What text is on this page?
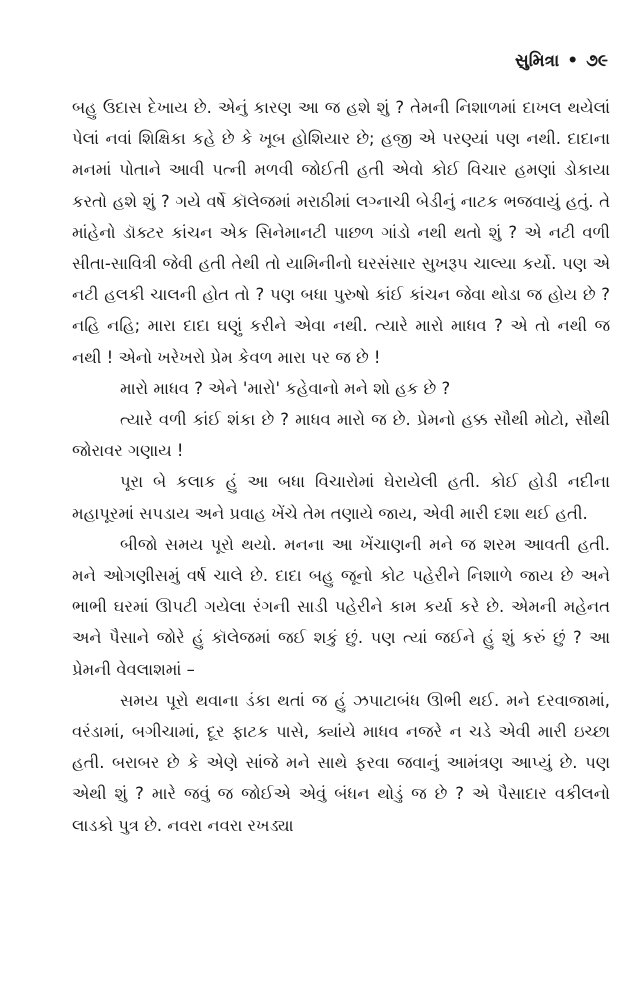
સુમિત્રા • ૭૯

બહુ ઉદાસ દેખાય છે. એનું કારણ આ જ હશે શું ? તેમની નિશાળમાં દાખલ થયેલાં પેલાં નવાં શિક્ષિકા કહે છે કે ખૂબ હોશિયાર છે; હજી એ પરણ્યાં પણ નથી. દાદાના મનમાં પોતાને આવી પત્ની મળવી જોઈતી હતી એવો કોઈ વિચાર હમણાં ડોકાયા કરતો હશે શું ? ગયે વર્ષે કૉલેજમાં મરાઠીમાં લગ્નાચી બેડીનું નાટક ભજવાયું હતું. તે માંહેનો ડૉક્ટર કાંચન એક સિનેમાનટી પાછળ ગાંડો નથી થતો શું ? એ નટી વળી સીતા-સાવિત્રી જેવી હતી તેથી તો યામિનીનો ઘરસંસાર સુખરૂપ ચાલ્યા કર્યો. પણ એ નટી હલકી ચાલની હોત તો ? પણ બધા પુરુષો કાંઈ કાંચન જેવા થોડા જ હોય છે ? નહિ નહિ; મારા દાદા ઘણું કરીને એવા નથી. ત્યારે મારો માધવ ? એ તો નથી જ નથી ! એનો ખરેખરો પ્રેમ કેવળ મારા પર જ છે !

મારો માધવ ? એને 'મારો' કહેવાનો મને શો હક છે ?

ત્યારે વળી કાંઈ શંકા છે ? માધવ મારો જ છે. પ્રેમનો હક્ક સૌથી મોટો, સૌથી જોરાવર ગણાય !

પૂરા બે કલાક હું આ બધા વિચારોમાં ઘેરાયેલી હતી. કોઈ હોડી નદીના મહાપૂરમાં સપડાય અને પ્રવાહ ખેંચે તેમ તણાયે જાય, એવી મારી દશા થઈ હતી.

બીજો સમય પૂરો થયો. મનના આ ખેંચાણની મને જ શરમ આવતી હતી. મને ઓગણીસમું વર્ષ ચાલે છે. દાદા બહુ જૂનો કોટ પહેરીને નિશાળે જાય છે અને ભાભી ઘરમાં ઊપટી ગયેલા રંગની સાડી પહેરીને કામ કર્યા કરે છે. એમની મહેનત અને પૈસાને જોરે હું કૉલેજમાં જઈ શકું છું. પણ ત્યાં જઈને હું શું કરું છું ? આ પ્રેમની વેવલાશમાં –

સમય પૂરો થવાના ડંકા થતાં જ હું ઝપાટાબંધ ઊભી થઈ. મને દરવાજામાં, વરંડામાં, બગીચામાં, દૂર ફાટક પાસે, ક્યાંયે માધવ નજરે ન ચડે એવી મારી ઇચ્છા હતી. બરાબર છે કે એણે સાંજે મને સાથે ફરવા જવાનું આમંત્રણ આપ્યું છે. પણ એથી શું ? મારે જવું જ જોઈએ એવું બંધન થોડું જ છે ? એ પૈસાદાર વકીલનો લાડકો પુત્ર છે. નવરા નવરા રખડ્યા
